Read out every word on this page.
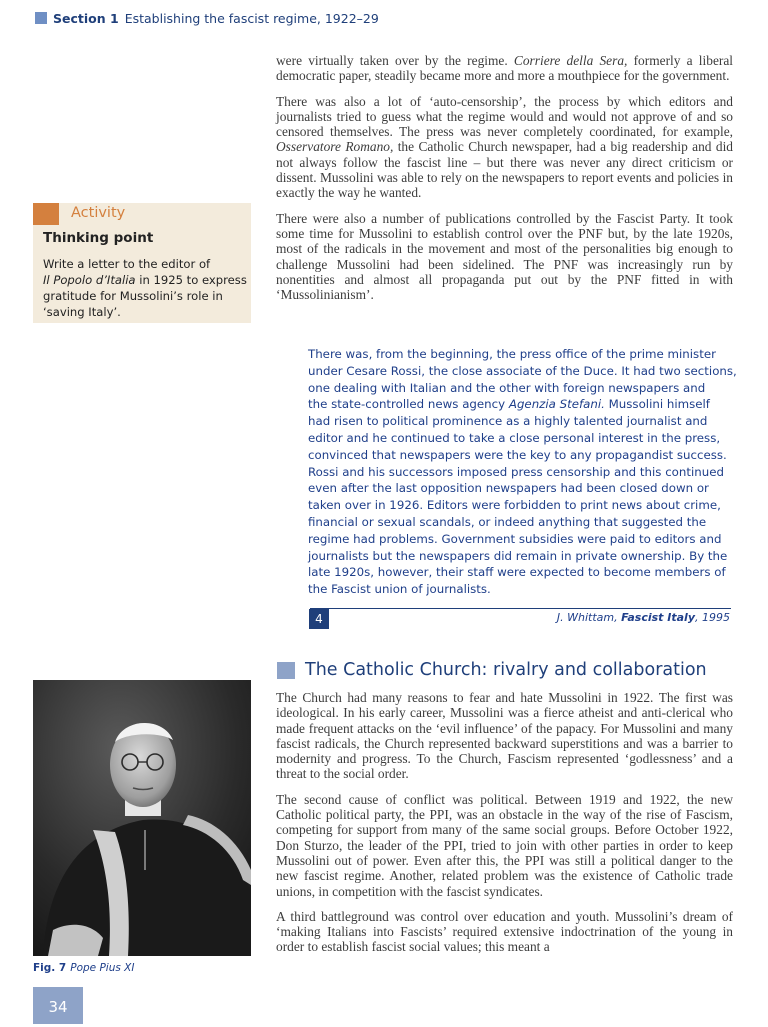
Section 1 Establishing the fascist regime, 1922–29

were virtually taken over by the regime. Corriere della Sera, formerly a liberal democratic paper, steadily became more and more a mouthpiece for the government.

There was also a lot of ‘auto-censorship’, the process by which editors and journalists tried to guess what the regime would and would not approve of and so censored themselves. The press was never completely coordinated, for example, Osservatore Romano, the Catholic Church newspaper, had a big readership and did not always follow the fascist line – but there was never any direct criticism or dissent. Mussolini was able to rely on the newspapers to report events and policies in exactly the way he wanted.

There were also a number of publications controlled by the Fascist Party. It took some time for Mussolini to establish control over the PNF but, by the late 1920s, most of the radicals in the movement and most of the personalities big enough to challenge Mussolini had been sidelined. The PNF was increasingly run by nonentities and almost all propaganda put out by the PNF fitted in with ‘Mussolinianism’.

Activity
Thinking point
Write a letter to the editor of
Il Popolo d’Italia in 1925 to express
gratitude for Mussolini’s role in
‘saving Italy’.
There was, from the beginning, the press office of the prime minister
under Cesare Rossi, the close associate of the Duce. It had two sections,
one dealing with Italian and the other with foreign newspapers and
the state-controlled news agency Agenzia Stefani. Mussolini himself
had risen to political prominence as a highly talented journalist and
editor and he continued to take a close personal interest in the press,
convinced that newspapers were the key to any propagandist success.
Rossi and his successors imposed press censorship and this continued
even after the last opposition newspapers had been closed down or
taken over in 1926. Editors were forbidden to print news about crime,
financial or sexual scandals, or indeed anything that suggested the
regime had problems. Government subsidies were paid to editors and
journalists but the newspapers did remain in private ownership. By the
late 1920s, however, their staff were expected to become members of
the Fascist union of journalists.
4	J. Whittam, Fascist Italy, 1995
The Catholic Church: rivalry and collaboration

The Church had many reasons to fear and hate Mussolini in 1922. The first was ideological. In his early career, Mussolini was a fierce atheist and anti-clerical who made frequent attacks on the ‘evil influence’ of the papacy. For Mussolini and many fascist radicals, the Church represented backward superstitions and was a barrier to modernity and progress. To the Church, Fascism represented ‘godlessness’ and a threat to the social order.

The second cause of conflict was political. Between 1919 and 1922, the new Catholic political party, the PPI, was an obstacle in the way of the rise of Fascism, competing for support from many of the same social groups. Before October 1922, Don Sturzo, the leader of the PPI, tried to join with other parties in order to keep Mussolini out of power. Even after this, the PPI was still a political danger to the new fascist regime. Another, related problem was the existence of Catholic trade unions, in competition with the fascist syndicates.

A third battleground was control over education and youth. Mussolini’s dream of ‘making Italians into Fascists’ required extensive indoctrination of the young in order to establish fascist social values; this meant a

Fig. 7 Pope Pius XI
34
